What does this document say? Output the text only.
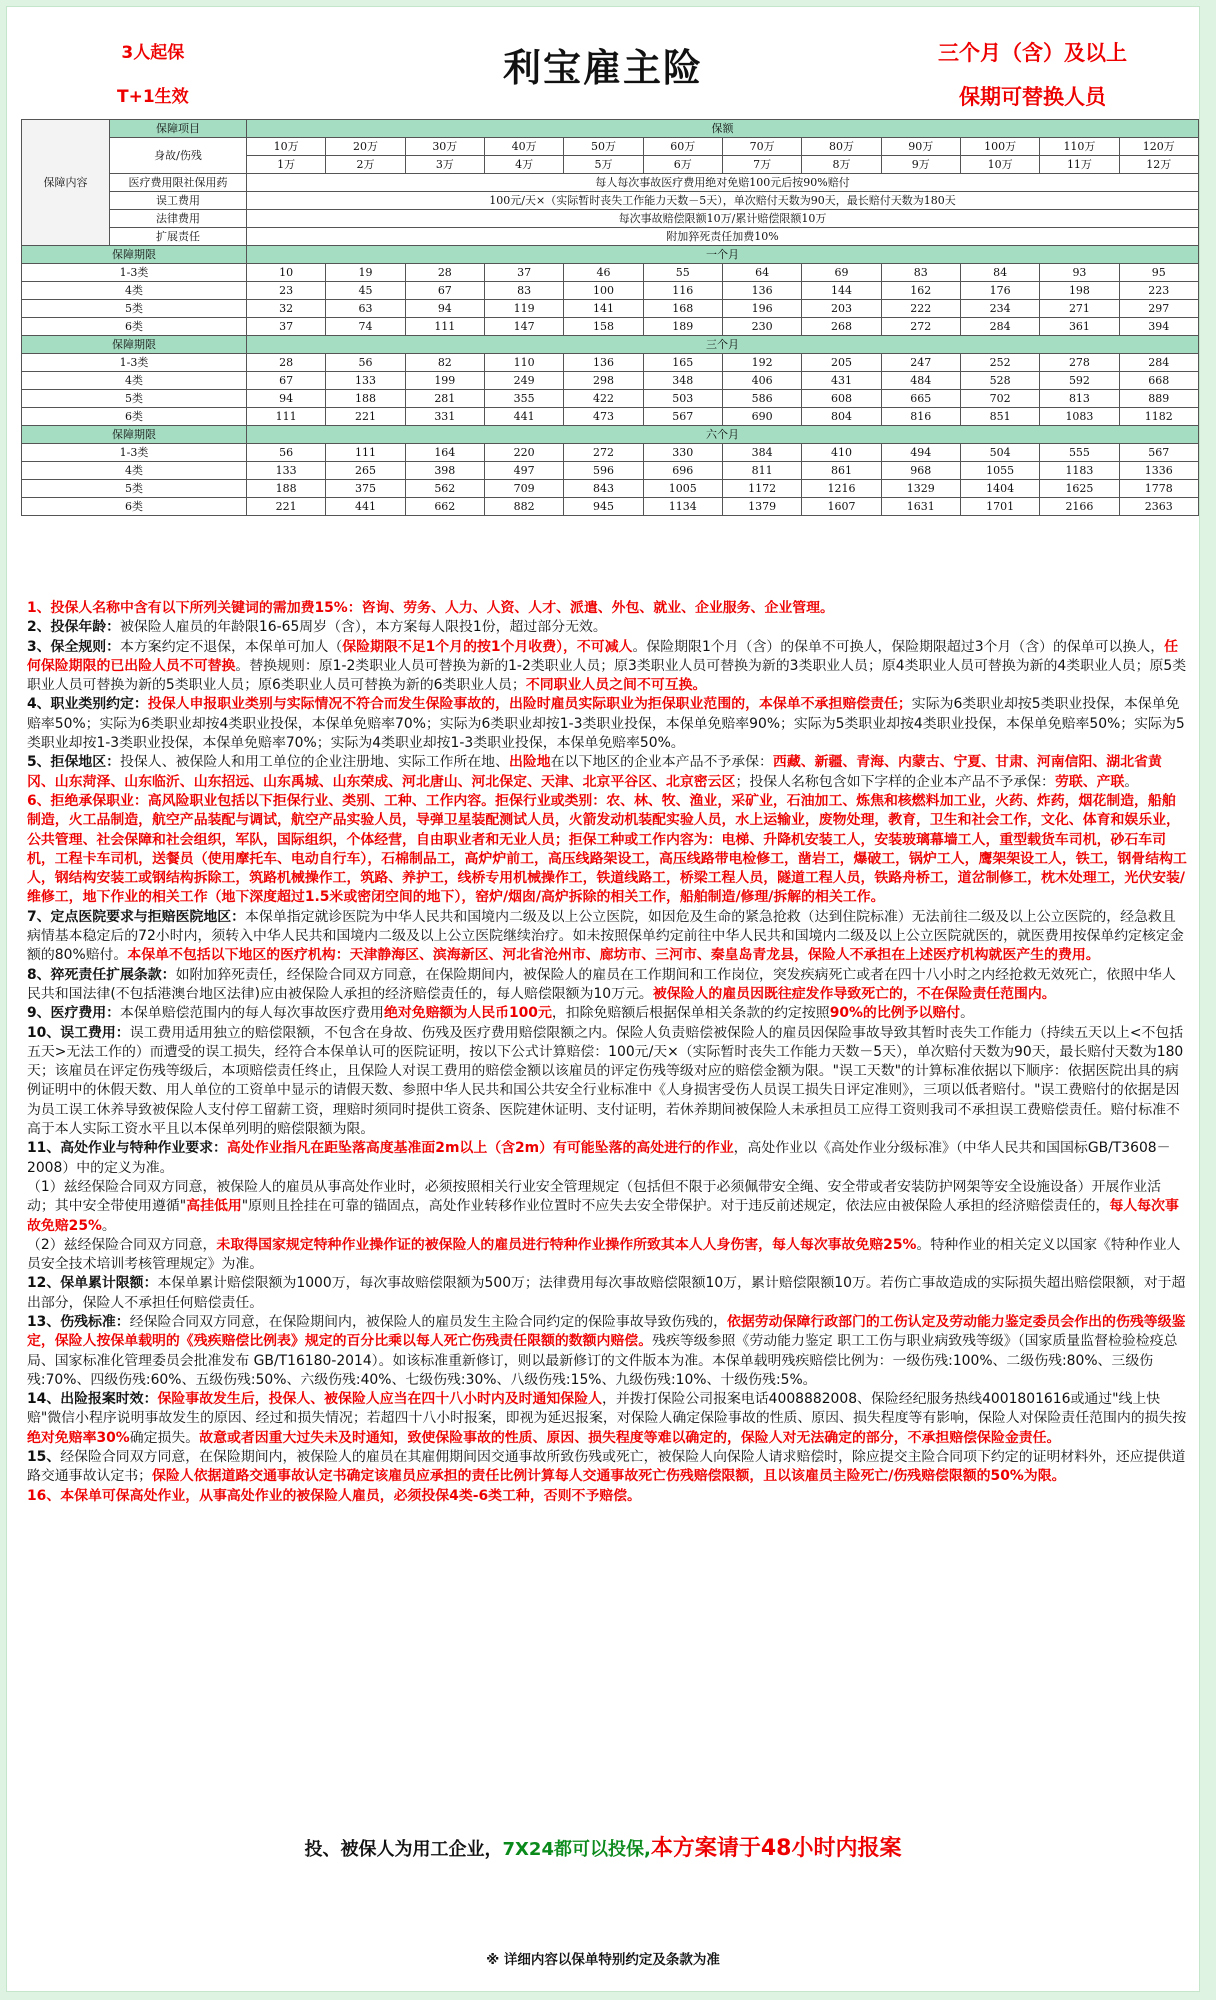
3人起保
T+1生效
利宝雇主险	三个月（含）及以上
保期可替换人员
保障内容	保障项目	保额											
	身故/伤残	10万	20万	30万	40万	50万	60万	70万	80万	90万	100万	110万	120万
		1万	2万	3万	4万	5万	6万	7万	8万	9万	10万	11万	12万
	医疗费用限社保用药	每人每次事故医疗费用绝对免赔100元后按90%赔付											
	误工费用	100元/天×（实际暂时丧失工作能力天数－5天），单次赔付天数为90天，最长赔付天数为180天											
	法律费用	每次事故赔偿限额10万/累计赔偿限额10万											
	扩展责任	附加猝死责任加费10%											
保障期限		一个月											
1-3类		10	19	28	37	46	55	64	69	83	84	93	95
4类		23	45	67	83	100	116	136	144	162	176	198	223
5类		32	63	94	119	141	168	196	203	222	234	271	297
6类		37	74	111	147	158	189	230	268	272	284	361	394
保障期限		三个月											
1-3类		28	56	82	110	136	165	192	205	247	252	278	284
4类		67	133	199	249	298	348	406	431	484	528	592	668
5类		94	188	281	355	422	503	586	608	665	702	813	889
6类		111	221	331	441	473	567	690	804	816	851	1083	1182
保障期限		六个月											
1-3类		56	111	164	220	272	330	384	410	494	504	555	567
4类		133	265	398	497	596	696	811	861	968	1055	1183	1336
5类		188	375	562	709	843	1005	1172	1216	1329	1404	1625	1778
6类		221	441	662	882	945	1134	1379	1607	1631	1701	2166	2363

1、投保人名称中含有以下所列关键词的需加费15%：咨询、劳务、人力、人资、人才、派遣、外包、就业、企业服务、企业管理。

2、投保年龄：被保险人雇员的年龄限16-65周岁（含），本方案每人限投1份，超过部分无效。

3、保全规则：本方案约定不退保，本保单可加人（保险期限不足1个月的按1个月收费），不可减人。保险期限1个月（含）的保单不可换人，保险期限超过3个月（含）的保单可以换人，任何保险期限的已出险人员不可替换。替换规则：原1-2类职业人员可替换为新的1-2类职业人员；原3类职业人员可替换为新的3类职业人员；原4类职业人员可替换为新的4类职业人员；原5类职业人员可替换为新的5类职业人员；原6类职业人员可替换为新的6类职业人员；不同职业人员之间不可互换。

4、职业类别约定：投保人申报职业类别与实际情况不符合而发生保险事故的，出险时雇员实际职业为拒保职业范围的，本保单不承担赔偿责任；实际为6类职业却按5类职业投保，本保单免赔率50%；实际为6类职业却按4类职业投保，本保单免赔率70%；实际为6类职业却按1-3类职业投保，本保单免赔率90%；实际为5类职业却按4类职业投保，本保单免赔率50%；实际为5类职业却按1-3类职业投保，本保单免赔率70%；实际为4类职业却按1-3类职业投保，本保单免赔率50%。

5、拒保地区：投保人、被保险人和用工单位的企业注册地、实际工作所在地、出险地在以下地区的企业本产品不予承保：西藏、新疆、青海、内蒙古、宁夏、甘肃、河南信阳、湖北省黄冈、山东菏泽、山东临沂、山东招远、山东禹城、山东荣成、河北唐山、河北保定、天津、北京平谷区、北京密云区；投保人名称包含如下字样的企业本产品不予承保：劳联、产联。

6、拒绝承保职业：高风险职业包括以下拒保行业、类别、工种、工作内容。拒保行业或类别：农、林、牧、渔业，采矿业，石油加工、炼焦和核燃料加工业，火药、炸药，烟花制造，船舶制造，火工品制造，航空产品装配与调试，航空产品实验人员，导弹卫星装配测试人员，火箭发动机装配实验人员，水上运输业，废物处理，教育，卫生和社会工作，文化、体育和娱乐业，公共管理、社会保障和社会组织，军队，国际组织，个体经营，自由职业者和无业人员；拒保工种或工作内容为：电梯、升降机安装工人，安装玻璃幕墙工人，重型载货车司机，砂石车司机，工程卡车司机，送餐员（使用摩托车、电动自行车），石棉制品工，高炉炉前工，高压线路架设工，高压线路带电检修工，凿岩工，爆破工，锅炉工人，鹰架架设工人，铁工，钢骨结构工人，钢结构安装工或钢结构拆除工，筑路机械操作工，筑路、养护工，线桥专用机械操作工，铁道线路工，桥梁工程人员，隧道工程人员，铁路舟桥工，道岔制修工，枕木处理工，光伏安装/维修工，地下作业的相关工作（地下深度超过1.5米或密闭空间的地下），窑炉/烟囱/高炉拆除的相关工作，船舶制造/修理/拆解的相关工作。

7、定点医院要求与拒赔医院地区：本保单指定就诊医院为中华人民共和国境内二级及以上公立医院，如因危及生命的紧急抢救（达到住院标准）无法前往二级及以上公立医院的，经急救且病情基本稳定后的72小时内，须转入中华人民共和国境内二级及以上公立医院继续治疗。如未按照保单约定前往中华人民共和国境内二级及以上公立医院就医的，就医费用按保单约定核定金额的80%赔付。本保单不包括以下地区的医疗机构：天津静海区、滨海新区、河北省沧州市、廊坊市、三河市、秦皇岛青龙县，保险人不承担在上述医疗机构就医产生的费用。

8、猝死责任扩展条款：如附加猝死责任，经保险合同双方同意，在保险期间内，被保险人的雇员在工作期间和工作岗位，突发疾病死亡或者在四十八小时之内经抢救无效死亡，依照中华人民共和国法律(不包括港澳台地区法律)应由被保险人承担的经济赔偿责任的，每人赔偿限额为10万元。被保险人的雇员因既往症发作导致死亡的，不在保险责任范围内。

9、医疗费用：本保单赔偿范围内的每人每次事故医疗费用绝对免赔额为人民币100元，扣除免赔额后根据保单相关条款的约定按照90%的比例予以赔付。

10、误工费用：误工费用适用独立的赔偿限额，不包含在身故、伤残及医疗费用赔偿限额之内。保险人负责赔偿被保险人的雇员因保险事故导致其暂时丧失工作能力（持续五天以上<不包括五天>无法工作的）而遭受的误工损失，经符合本保单认可的医院证明，按以下公式计算赔偿：100元/天×（实际暂时丧失工作能力天数－5天），单次赔付天数为90天，最长赔付天数为180天；该雇员在评定伤残等级后，本项赔偿责任终止，且保险人对误工费用的赔偿金额以该雇员的评定伤残等级对应的赔偿金额为限。"误工天数"的计算标准依据以下顺序：依据医院出具的病例证明中的休假天数、用人单位的工资单中显示的请假天数、参照中华人民共和国公共安全行业标准中《人身损害受伤人员误工损失日评定准则》，三项以低者赔付。"误工费赔付的依据是因为员工误工休养导致被保险人支付停工留薪工资，理赔时须同时提供工资条、医院建休证明、支付证明，若休养期间被保险人未承担员工应得工资则我司不承担误工费赔偿责任。赔付标准不高于本人实际工资水平且以本保单列明的赔偿限额为限。

11、高处作业与特种作业要求：高处作业指凡在距坠落高度基准面2m以上（含2m）有可能坠落的高处进行的作业，高处作业以《高处作业分级标准》（中华人民共和国国标GB/T3608－2008）中的定义为准。

（1）兹经保险合同双方同意，被保险人的雇员从事高处作业时，必须按照相关行业安全管理规定（包括但不限于必须佩带安全绳、安全带或者安装防护网架等安全设施设备）开展作业活动；其中安全带使用遵循"高挂低用"原则且拴挂在可靠的锚固点，高处作业转移作业位置时不应失去安全带保护。对于违反前述规定，依法应由被保险人承担的经济赔偿责任的，每人每次事故免赔25%。

（2）兹经保险合同双方同意，未取得国家规定特种作业操作证的被保险人的雇员进行特种作业操作所致其本人人身伤害，每人每次事故免赔25%。特种作业的相关定义以国家《特种作业人员安全技术培训考核管理规定》为准。

12、保单累计限额：本保单累计赔偿限额为1000万，每次事故赔偿限额为500万；法律费用每次事故赔偿限额10万，累计赔偿限额10万。若伤亡事故造成的实际损失超出赔偿限额，对于超出部分，保险人不承担任何赔偿责任。

13、伤残标准：经保险合同双方同意，在保险期间内，被保险人的雇员发生主险合同约定的保险事故导致伤残的，依据劳动保障行政部门的工伤认定及劳动能力鉴定委员会作出的伤残等级鉴定，保险人按保单载明的《残疾赔偿比例表》规定的百分比乘以每人死亡伤残责任限额的数额内赔偿。残疾等级参照《劳动能力鉴定 职工工伤与职业病致残等级》（国家质量监督检验检疫总局、国家标准化管理委员会批准发布 GB/T16180-2014）。如该标准重新修订，则以最新修订的文件版本为准。本保单载明残疾赔偿比例为：一级伤残:100%、二级伤残:80%、三级伤残:70%、四级伤残:60%、五级伤残:50%、六级伤残:40%、七级伤残:30%、八级伤残:15%、九级伤残:10%、十级伤残:5%。

14、出险报案时效：保险事故发生后，投保人、被保险人应当在四十八小时内及时通知保险人，并拨打保险公司报案电话4008882008、保险经纪服务热线4001801616或通过"线上快赔"微信小程序说明事故发生的原因、经过和损失情况；若超四十八小时报案，即视为延迟报案，对保险人确定保险事故的性质、原因、损失程度等有影响，保险人对保险责任范围内的损失按绝对免赔率30%确定损失。故意或者因重大过失未及时通知，致使保险事故的性质、原因、损失程度等难以确定的，保险人对无法确定的部分，不承担赔偿保险金责任。

15、经保险合同双方同意，在保险期间内，被保险人的雇员在其雇佣期间因交通事故所致伤残或死亡，被保险人向保险人请求赔偿时，除应提交主险合同项下约定的证明材料外，还应提供道路交通事故认定书；保险人依据道路交通事故认定书确定该雇员应承担的责任比例计算每人交通事故死亡伤残赔偿限额，且以该雇员主险死亡/伤残赔偿限额的50%为限。

16、本保单可保高处作业，从事高处作业的被保险人雇员，必须投保4类-6类工种，否则不予赔偿。

投、被保人为用工企业，7X24都可以投保,本方案请于48小时内报案
※ 详细内容以保单特别约定及条款为准
